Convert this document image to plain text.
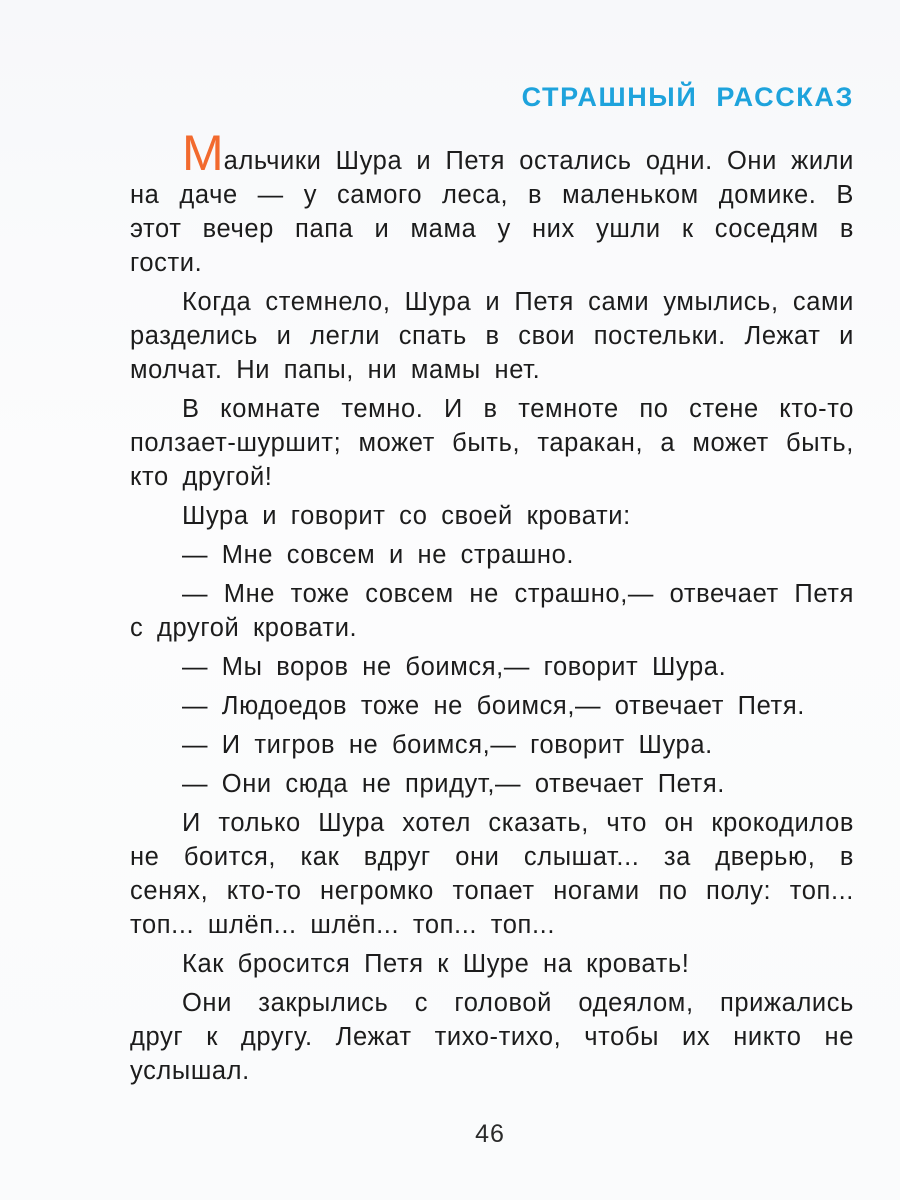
СТРАШНЫЙ РАССКАЗ

Мальчики Шура и Петя остались одни. Они жили на даче — у самого леса, в маленьком домике. В этот вечер папа и мама у них ушли к соседям в гости.

Когда стемнело, Шура и Петя сами умылись, сами разделись и легли спать в свои постельки. Лежат и молчат. Ни папы, ни мамы нет.

В комнате темно. И в темноте по стене кто-то ползает-шуршит; может быть, таракан, а может быть, кто другой!

Шура и говорит со своей кровати:

— Мне совсем и не страшно.

— Мне тоже совсем не страшно,— отвечает Петя с другой кровати.

— Мы воров не боимся,— говорит Шура.

— Людоедов тоже не боимся,— отвечает Петя.

— И тигров не боимся,— говорит Шура.

— Они сюда не придут,— отвечает Петя.

И только Шура хотел сказать, что он крокодилов не боится, как вдруг они слышат... за дверью, в сенях, кто-то негромко топает ногами по полу: топ... топ... шлёп... шлёп... топ... топ...

Как бросится Петя к Шуре на кровать!

Они закрылись с головой одеялом, прижались друг к другу. Лежат тихо-тихо, чтобы их никто не услышал.

46
